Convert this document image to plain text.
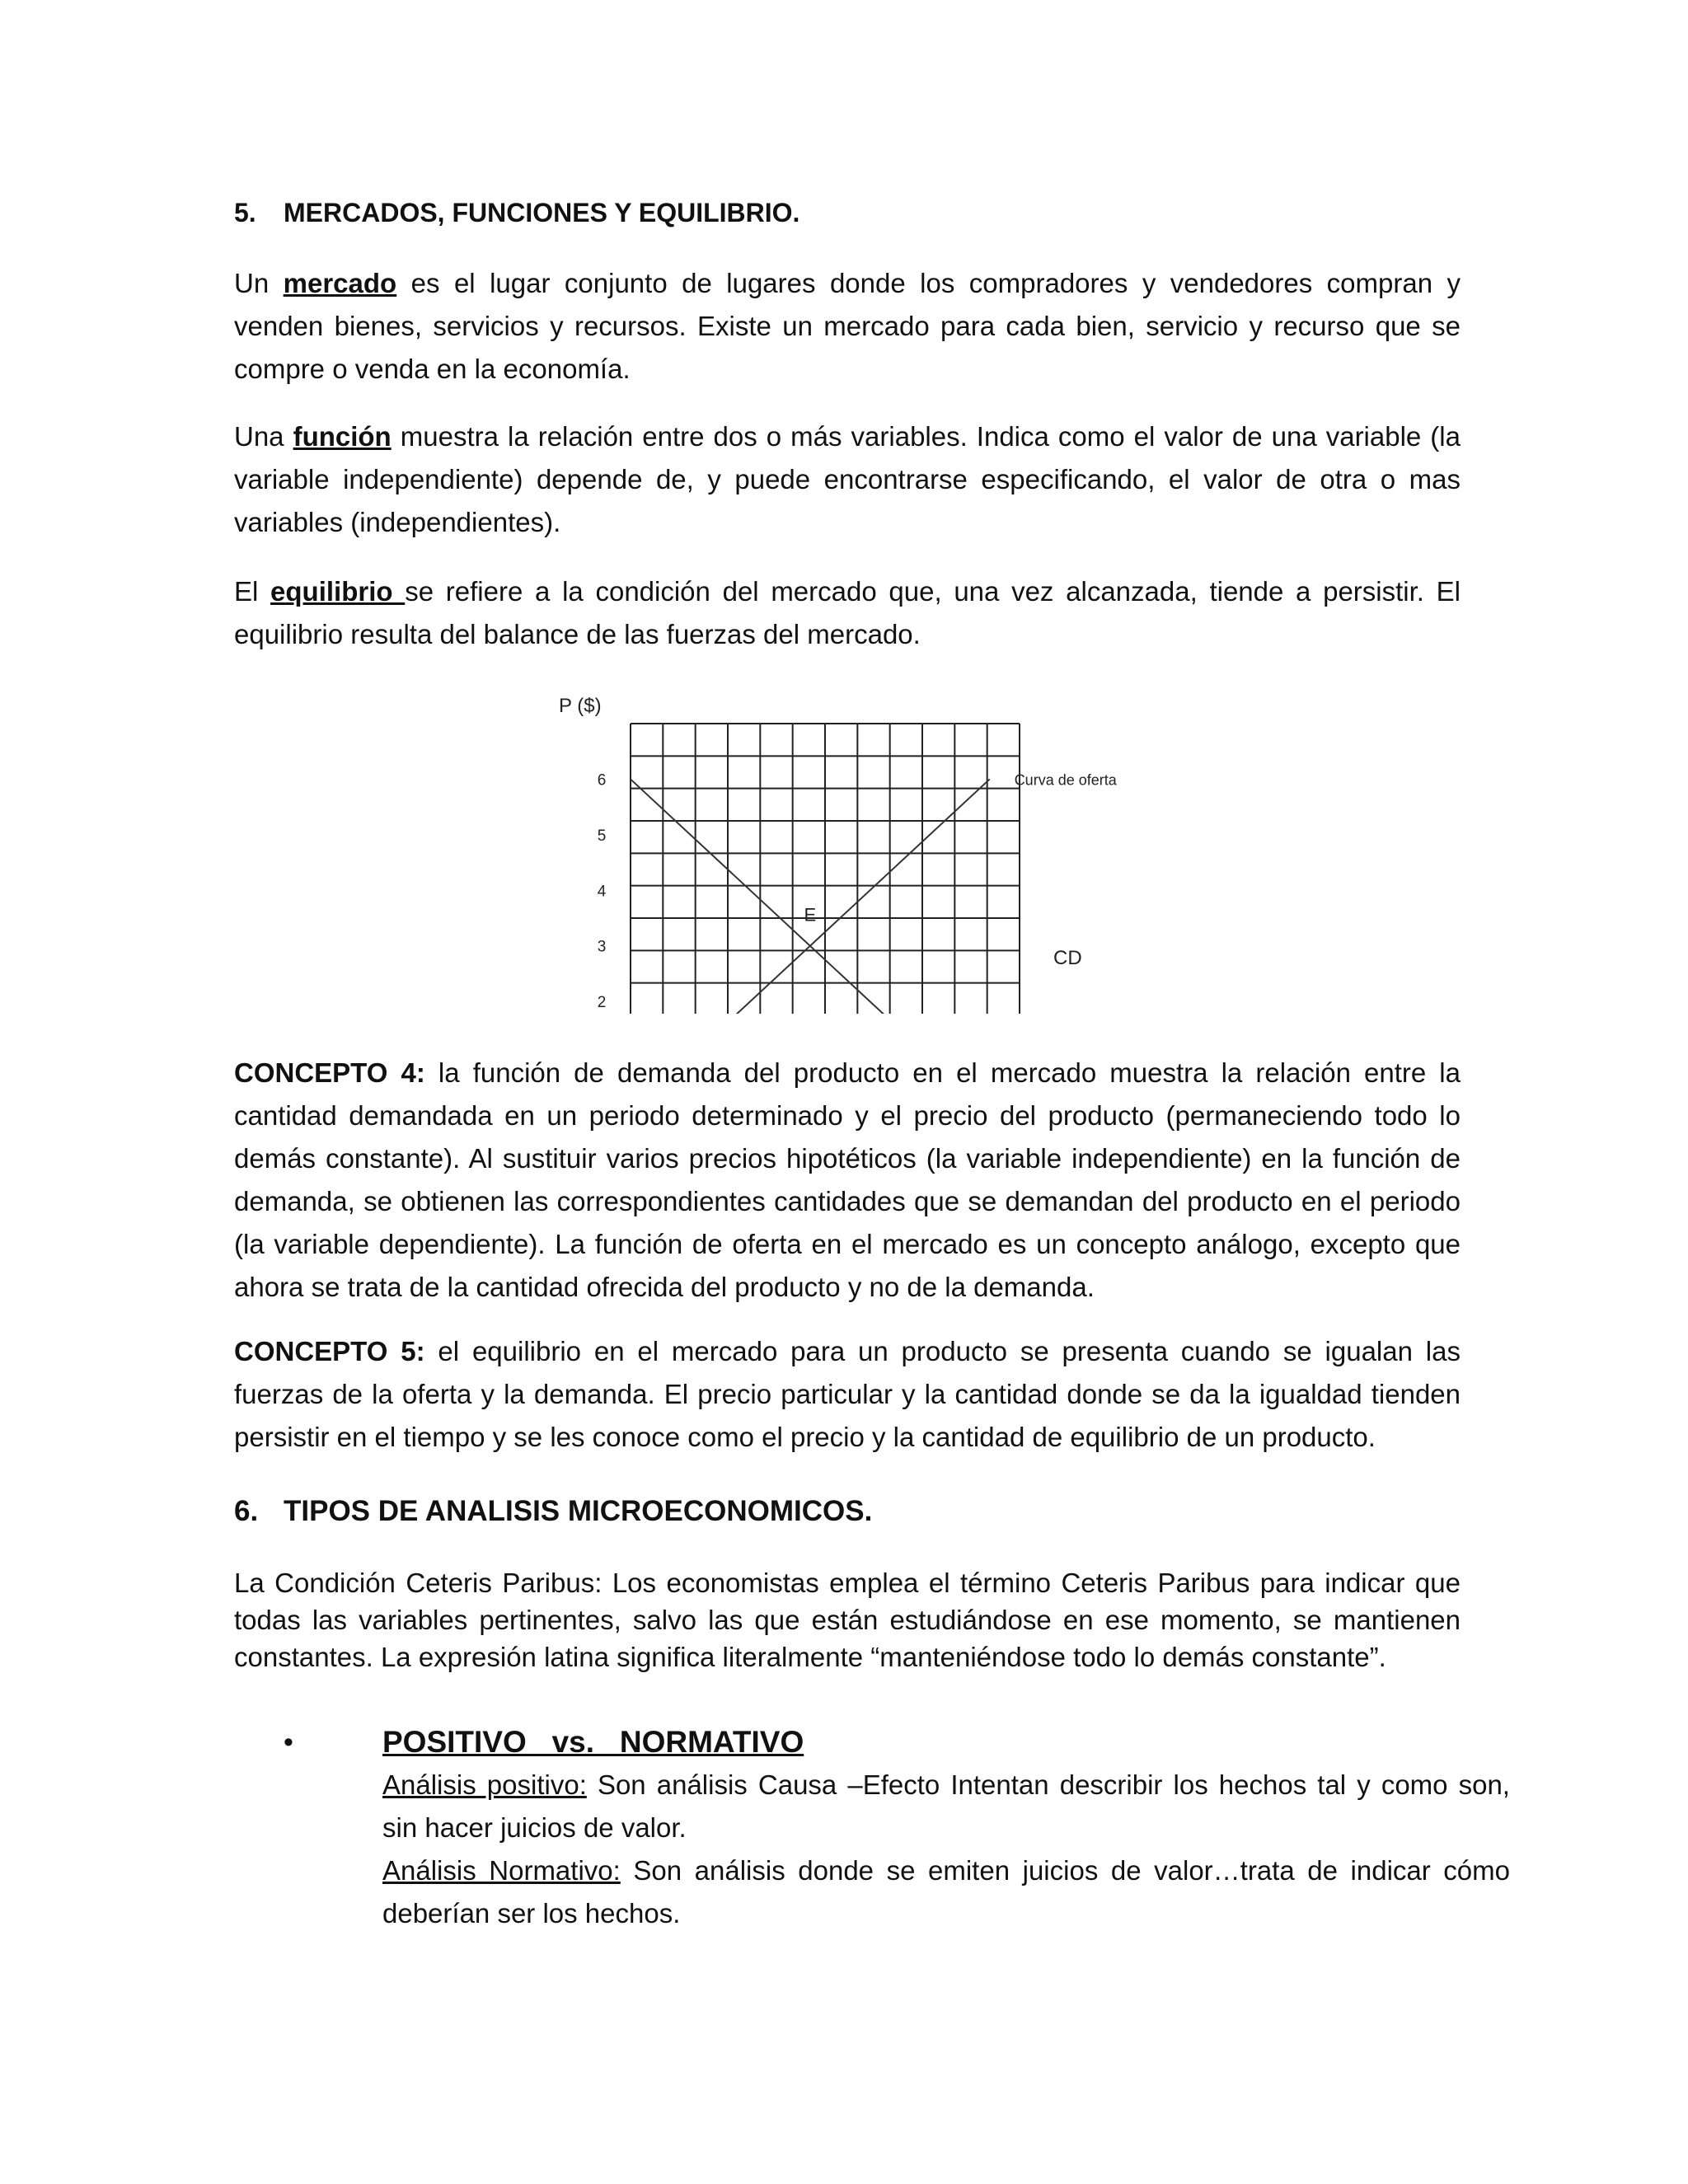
2
3
4
5
6
P ($)
CD
Curva de oferta
E
5. MERCADOS, FUNCIONES Y EQUILIBRIO.

Un mercado es el lugar conjunto de lugares donde los compradores y vendedores compran y venden bienes, servicios y recursos. Existe un mercado para cada bien, servicio y recurso que se compre o venda en la economía.

Una función muestra la relación entre dos o más variables. Indica como el valor de una variable (la variable independiente) depende de, y puede encontrarse especificando, el valor de otra o mas variables (independientes).

El equilibrio se refiere a la condición del mercado que, una vez alcanzada, tiende a persistir. El equilibrio resulta del balance de las fuerzas del mercado.

CONCEPTO 4: la función de demanda del producto en el mercado muestra la relación entre la cantidad demandada en un periodo determinado y el precio del producto (permaneciendo todo lo demás constante). Al sustituir varios precios hipotéticos (la variable independiente) en la función de demanda, se obtienen las correspondientes cantidades que se demandan del producto en el periodo (la variable dependiente). La función de oferta en el mercado es un concepto análogo, excepto que ahora se trata de la cantidad ofrecida del producto y no de la demanda.

CONCEPTO 5: el equilibrio en el mercado para un producto se presenta cuando se igualan las fuerzas de la oferta y la demanda. El precio particular y la cantidad donde se da la igualdad tienden persistir en el tiempo y se les conoce como el precio y la cantidad de equilibrio de un producto.

6. TIPOS DE ANALISIS MICROECONOMICOS.

La Condición Ceteris Paribus: Los economistas emplea el término Ceteris Paribus para indicar que todas las variables pertinentes, salvo las que están estudiándose en ese momento, se mantienen constantes. La expresión latina significa literalmente “manteniéndose todo lo demás constante”.

•	POSITIVO   vs.   NORMATIVO

Análisis positivo: Son análisis Causa –Efecto Intentan describir los hechos tal y como son, sin hacer juicios de valor.

Análisis Normativo: Son análisis donde se emiten juicios de valor…trata de indicar cómo deberían ser los hechos.
